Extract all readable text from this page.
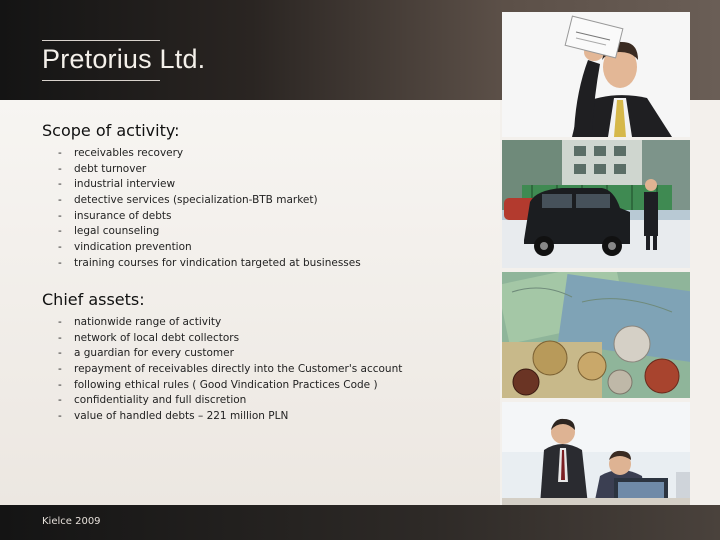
Pretorius Ltd.
Scope of activity:
- receivables recovery
- debt turnover
- industrial interview
- detective services (specialization-BTB market)
- insurance of debts
- legal counseling
- vindication prevention
- training courses for vindication targeted at businesses
Chief assets:
- nationwide range of activity
- network of local debt collectors
- a guardian for every customer
- repayment of receivables directly into the Customer's account
- following ethical rules ( Good Vindication Practices Code )
- confidentiality and full discretion
- value of handled debts – 221 million PLN
Kielce 2009
